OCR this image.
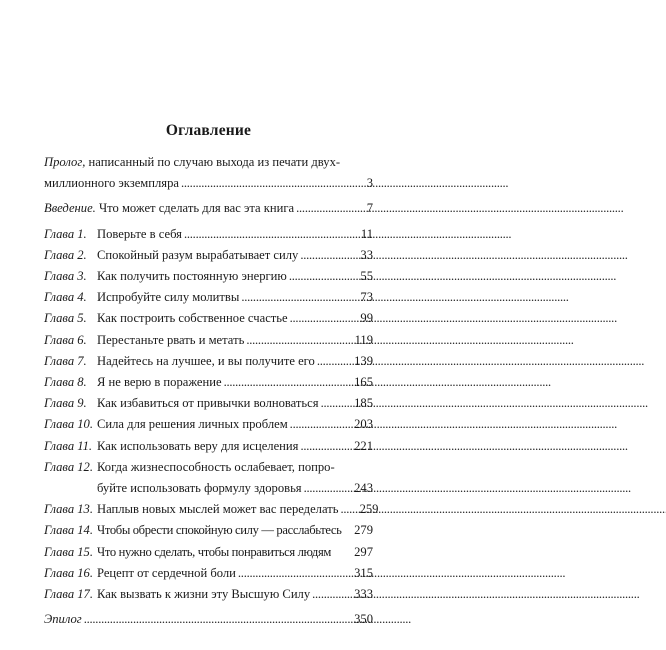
Оглавление
Пролог, написанный по случаю выхода из печати двух-
миллионного экземпляра . . .	3
Введение. Что может сделать для вас эта книга . . .	7
Глава 1. Поверьте в себя . . .	11
Глава 2. Спокойный разум вырабатывает силу . . .	33
Глава 3. Как получить постоянную энергию . . .	55
Глава 4. Испробуйте силу молитвы . . .	73
Глава 5. Как построить собственное счастье . . .	99
Глава 6. Перестаньте рвать и метать . . .	119
Глава 7. Надейтесь на лучшее, и вы получите его . . .	139
Глава 8. Я не верю в поражение . . .	165
Глава 9. Как избавиться от привычки волноваться . . .	185
Глава 10. Сила для решения личных проблем . . .	203
Глава 11. Как использовать веру для исцеления . . .	221
Глава 12. Когда жизнеспособность ослабевает, попро-
буйте использовать формулу здоровья . . .	243
Глава 13. Наплыв новых мыслей может вас переделать . . .	259
Глава 14. Чтобы обрести спокойную силу — расслабьтесь 279
Глава 15. Что нужно сделать, чтобы понравиться людям	297
Глава 16. Рецепт от сердечной боли . . .	315
Глава 17. Как вызвать к жизни эту Высшую Силу . . .	333
Эпилог . . .	350
